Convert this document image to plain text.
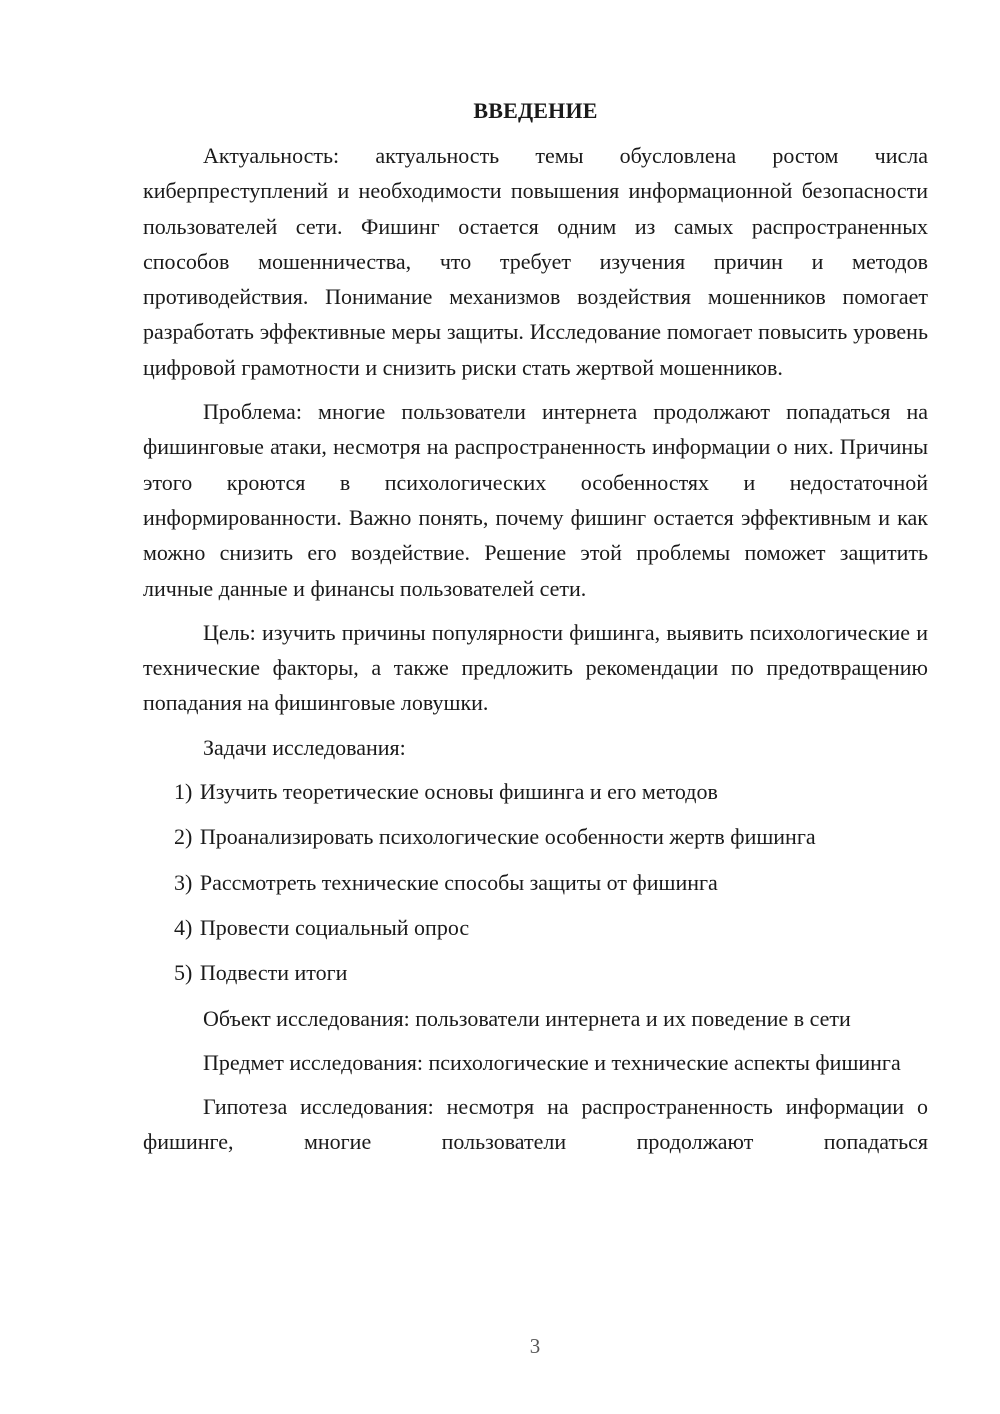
ВВЕДЕНИЕ

Актуальность: актуальность темы обусловлена ростом числа киберпреступлений и необходимости повышения информационной безопасности пользователей сети. Фишинг остается одним из самых распространенных способов мошенничества, что требует изучения причин и методов противодействия. Понимание механизмов воздействия мошенников помогает разработать эффективные меры защиты. Исследование помогает повысить уровень цифровой грамотности и снизить риски стать жертвой мошенников.

Проблема: многие пользователи интернета продолжают попадаться на фишинговые атаки, несмотря на распространенность информации о них. Причины этого кроются в психологических особенностях и недостаточной информированности. Важно понять, почему фишинг остается эффективным и как можно снизить его воздействие. Решение этой проблемы поможет защитить личные данные и финансы пользователей сети.

Цель: изучить причины популярности фишинга, выявить психологические и технические факторы, а также предложить рекомендации по предотвращению попадания на фишинговые ловушки.

Задачи исследования:

1) Изучить теоретические основы фишинга и его методов
2) Проанализировать психологические особенности жертв фишинга
3) Рассмотреть технические способы защиты от фишинга
4) Провести социальный опрос
5) Подвести итоги

Объект исследования: пользователи интернета и их поведение в сети

Предмет исследования: психологические и технические аспекты фишинга

Гипотеза исследования: несмотря на распространенность информации о фишинге, многие пользователи продолжают попадаться

3
